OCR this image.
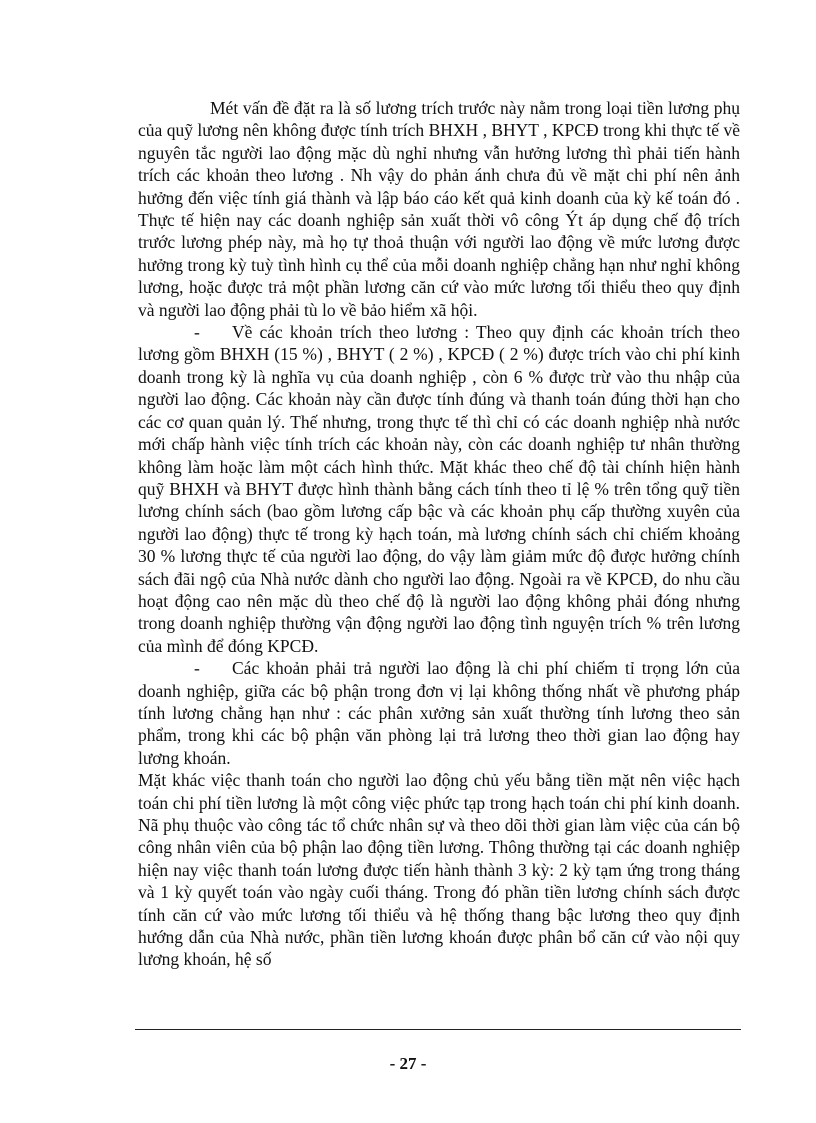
Mét vấn đề đặt ra là số lương trích trước này nằm trong loại tiền lương phụ của quỹ lương nên không được tính trích BHXH , BHYT , KPCĐ trong khi thực tế về nguyên tắc người lao động mặc dù nghỉ nhưng vẫn hưởng lương thì phải tiến hành trích các khoản theo lương . Nh vậy do phản ánh chưa đủ về mặt chi phí nên ảnh hưởng đến việc tính giá thành và lập báo cáo kết quả kinh doanh của kỳ kế toán đó . Thực tế hiện nay các doanh nghiệp sản xuất thời vô công Ýt áp dụng chế độ trích trước lương phép này, mà họ tự thoả thuận với người lao động về mức lương được hưởng trong kỳ tuỳ tình hình cụ thể của mỗi doanh nghiệp chẳng hạn như nghỉ không lương, hoặc được trả một phần lương căn cứ vào mức lương tối thiểu theo quy định và người lao động phải tù lo về bảo hiểm xã hội.

- Về các khoản trích theo lương : Theo quy định các khoản trích theo lương gồm BHXH (15 %) , BHYT ( 2 %) , KPCĐ ( 2 %) được trích vào chi phí kinh doanh trong kỳ là nghĩa vụ của doanh nghiệp , còn 6 % được trừ vào thu nhập của người lao động. Các khoản này cần được tính đúng và thanh toán đúng thời hạn cho các cơ quan quản lý. Thế nhưng, trong thực tế thì chỉ có các doanh nghiệp nhà nước mới chấp hành việc tính trích các khoản này, còn các doanh nghiệp tư nhân thường không làm hoặc làm một cách hình thức. Mặt khác theo chế độ tài chính hiện hành quỹ BHXH và BHYT được hình thành bằng cách tính theo tỉ lệ % trên tổng quỹ tiền lương chính sách (bao gồm lương cấp bậc và các khoản phụ cấp thường xuyên của người lao động) thực tế trong kỳ hạch toán, mà lương chính sách chỉ chiếm khoảng 30 % lương thực tế của người lao động, do vậy làm giảm mức độ được hưởng chính sách đãi ngộ của Nhà nước dành cho người lao động. Ngoài ra về KPCĐ, do nhu cầu hoạt động cao nên mặc dù theo chế độ là người lao động không phải đóng nhưng trong doanh nghiệp thường vận động người lao động tình nguyện trích % trên lương của mình để đóng KPCĐ.

- Các khoản phải trả người lao động là chi phí chiếm tỉ trọng lớn của doanh nghiệp, giữa các bộ phận trong đơn vị lại không thống nhất về phương pháp tính lương chẳng hạn như : các phân xưởng sản xuất thường tính lương theo sản phẩm, trong khi các bộ phận văn phòng lại trả lương theo thời gian lao động hay lương khoán.

Mặt khác việc thanh toán cho người lao động chủ yếu bằng tiền mặt nên việc hạch toán chi phí tiền lương là một công việc phức tạp trong hạch toán chi phí kinh doanh. Nã phụ thuộc vào công tác tổ chức nhân sự và theo dõi thời gian làm việc của cán bộ công nhân viên của bộ phận lao động tiền lương. Thông thường tại các doanh nghiệp hiện nay việc thanh toán lương được tiến hành thành 3 kỳ: 2 kỳ tạm ứng trong tháng và 1 kỳ quyết toán vào ngày cuối tháng. Trong đó phần tiền lương chính sách được tính căn cứ vào mức lương tối thiểu và hệ thống thang bậc lương theo quy định hướng dẫn của Nhà nước, phần tiền lương khoán được phân bổ căn cứ vào nội quy lương khoán, hệ số

- 27 -
